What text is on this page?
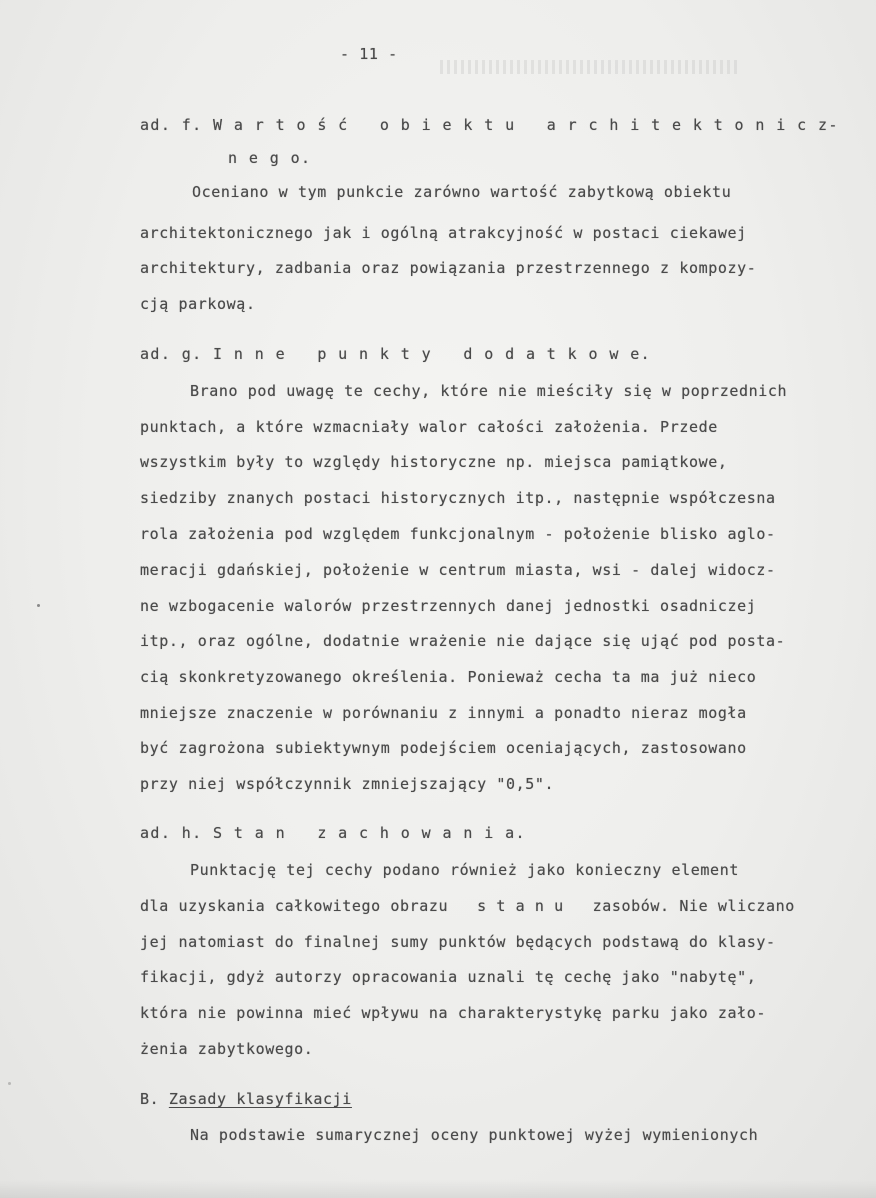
- 11 -
ad. f. W a r t o ś ć   o b i e k t u   a r c h i t e k t o n i c z-
n e g o.
Oceniano w tym punkcie zarówno wartość zabytkową obiektu
architektonicznego jak i ogólną atrakcyjność w postaci ciekawej
architektury, zadbania oraz powiązania przestrzennego z kompozy-
cją parkową.
ad. g. I n n e   p u n k t y   d o d a t k o w e.
Brano pod uwagę te cechy, które nie mieściły się w poprzednich
punktach, a które wzmacniały walor całości założenia. Przede
wszystkim były to względy historyczne np. miejsca pamiątkowe,
siedziby znanych postaci historycznych itp., następnie współczesna
rola założenia pod względem funkcjonalnym - położenie blisko aglo-
meracji gdańskiej, położenie w centrum miasta, wsi - dalej widocz-
ne wzbogacenie walorów przestrzennych danej jednostki osadniczej
itp., oraz ogólne, dodatnie wrażenie nie dające się ująć pod posta-
cią skonkretyzowanego określenia. Ponieważ cecha ta ma już nieco
mniejsze znaczenie w porównaniu z innymi a ponadto nieraz mogła
być zagrożona subiektywnym podejściem oceniających, zastosowano
przy niej współczynnik zmniejszający "0,5".
ad. h. S t a n   z a c h o w a n i a.
Punktację tej cechy podano również jako konieczny element
dla uzyskania całkowitego obrazu   s t a n u   zasobów. Nie wliczano
jej natomiast do finalnej sumy punktów będących podstawą do klasy-
fikacji, gdyż autorzy opracowania uznali tę cechę jako "nabytę",
która nie powinna mieć wpływu na charakterystykę parku jako zało-
żenia zabytkowego.
B. Zasady klasyfikacji
Na podstawie sumarycznej oceny punktowej wyżej wymienionych
